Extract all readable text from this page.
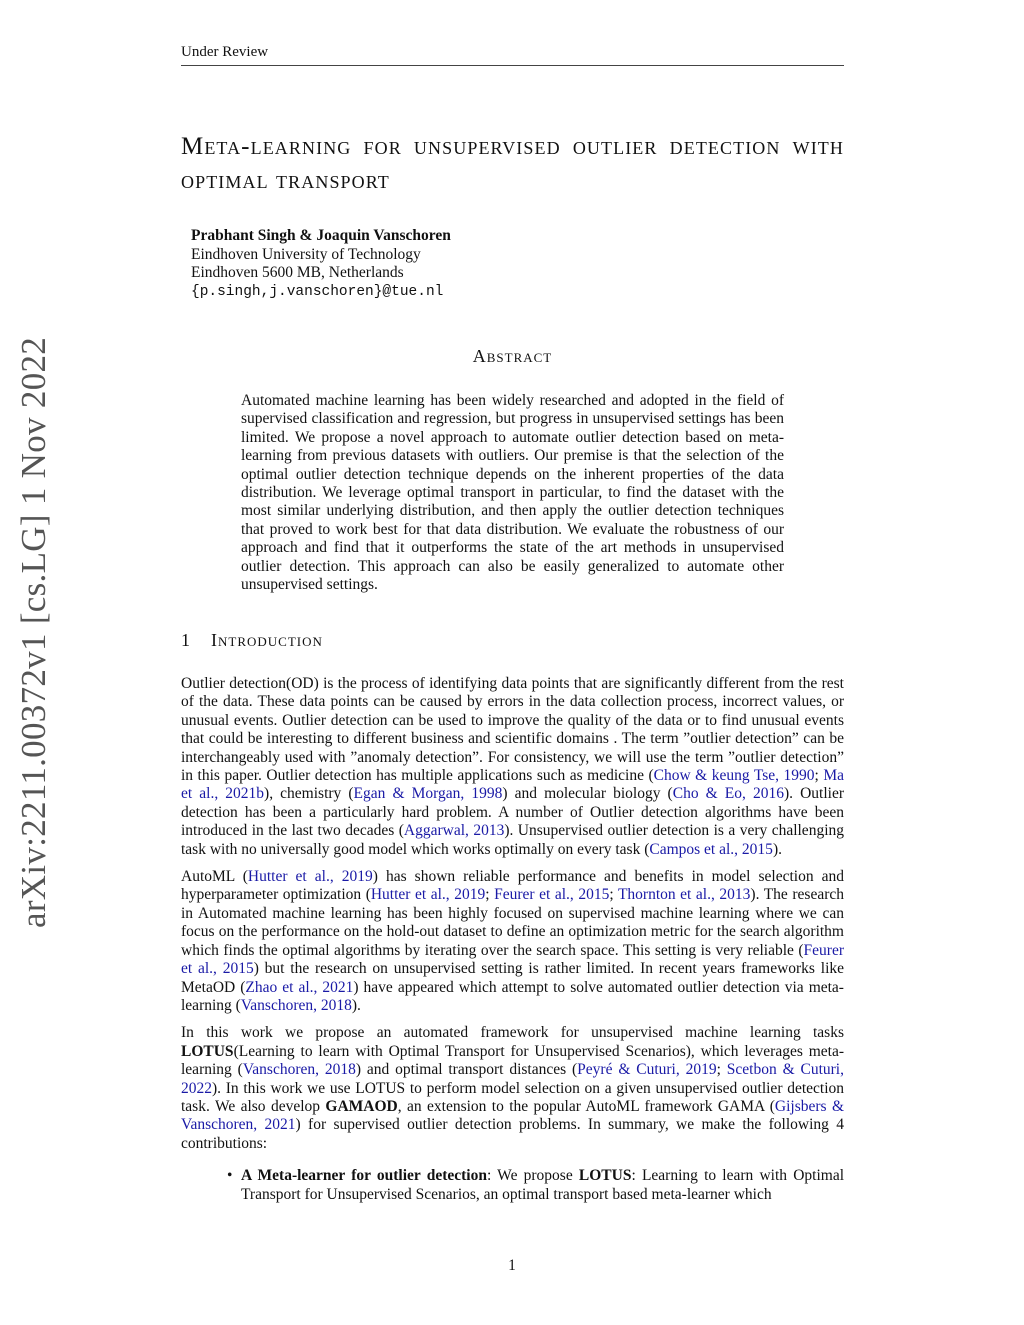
Under Review
arXiv:2211.00372v1 [cs.LG] 1 Nov 2022
Meta-learning for unsupervised outlier detection with optimal transport
Prabhant Singh & Joaquin Vanschoren
Eindhoven University of Technology
Eindhoven 5600 MB, Netherlands
{p.singh,j.vanschoren}@tue.nl
Abstract
Automated machine learning has been widely researched and adopted in the field of supervised classification and regression, but progress in unsupervised settings has been limited. We propose a novel approach to automate outlier detection based on meta-learning from previous datasets with outliers. Our premise is that the selection of the optimal outlier detection technique depends on the inherent properties of the data distribution. We leverage optimal transport in particular, to find the dataset with the most similar underlying distribution, and then apply the outlier detection techniques that proved to work best for that data distribution. We evaluate the robustness of our approach and find that it outperforms the state of the art methods in unsupervised outlier detection. This approach can also be easily generalized to automate other unsupervised settings.
1 Introduction

Outlier detection(OD) is the process of identifying data points that are significantly different from the rest of the data. These data points can be caused by errors in the data collection process, incorrect values, or unusual events. Outlier detection can be used to improve the quality of the data or to find unusual events that could be interesting to different business and scientific domains . The term ”outlier detection” can be interchangeably used with ”anomaly detection”. For consistency, we will use the term ”outlier detection” in this paper. Outlier detection has multiple applications such as medicine (Chow & keung Tse, 1990; Ma et al., 2021b), chemistry (Egan & Morgan, 1998) and molecular biology (Cho & Eo, 2016). Outlier detection has been a particularly hard problem. A number of Outlier detection algorithms have been introduced in the last two decades (Aggarwal, 2013). Unsupervised outlier detection is a very challenging task with no universally good model which works optimally on every task (Campos et al., 2015).

AutoML (Hutter et al., 2019) has shown reliable performance and benefits in model selection and hyperparameter optimization (Hutter et al., 2019; Feurer et al., 2015; Thornton et al., 2013). The research in Automated machine learning has been highly focused on supervised machine learning where we can focus on the performance on the hold-out dataset to define an optimization metric for the search algorithm which finds the optimal algorithms by iterating over the search space. This setting is very reliable (Feurer et al., 2015) but the research on unsupervised setting is rather limited. In recent years frameworks like MetaOD (Zhao et al., 2021) have appeared which attempt to solve automated outlier detection via meta-learning (Vanschoren, 2018).

In this work we propose an automated framework for unsupervised machine learning tasks LOTUS(Learning to learn with Optimal Transport for Unsupervised Scenarios), which leverages meta-learning (Vanschoren, 2018) and optimal transport distances (Peyré & Cuturi, 2019; Scetbon & Cuturi, 2022). In this work we use LOTUS to perform model selection on a given unsupervised outlier detection task. We also develop GAMAOD, an extension to the popular AutoML framework GAMA (Gijsbers & Vanschoren, 2021) for supervised outlier detection problems. In summary, we make the following 4 contributions:

• A Meta-learner for outlier detection: We propose LOTUS: Learning to learn with Optimal Transport for Unsupervised Scenarios, an optimal transport based meta-learner which
1
